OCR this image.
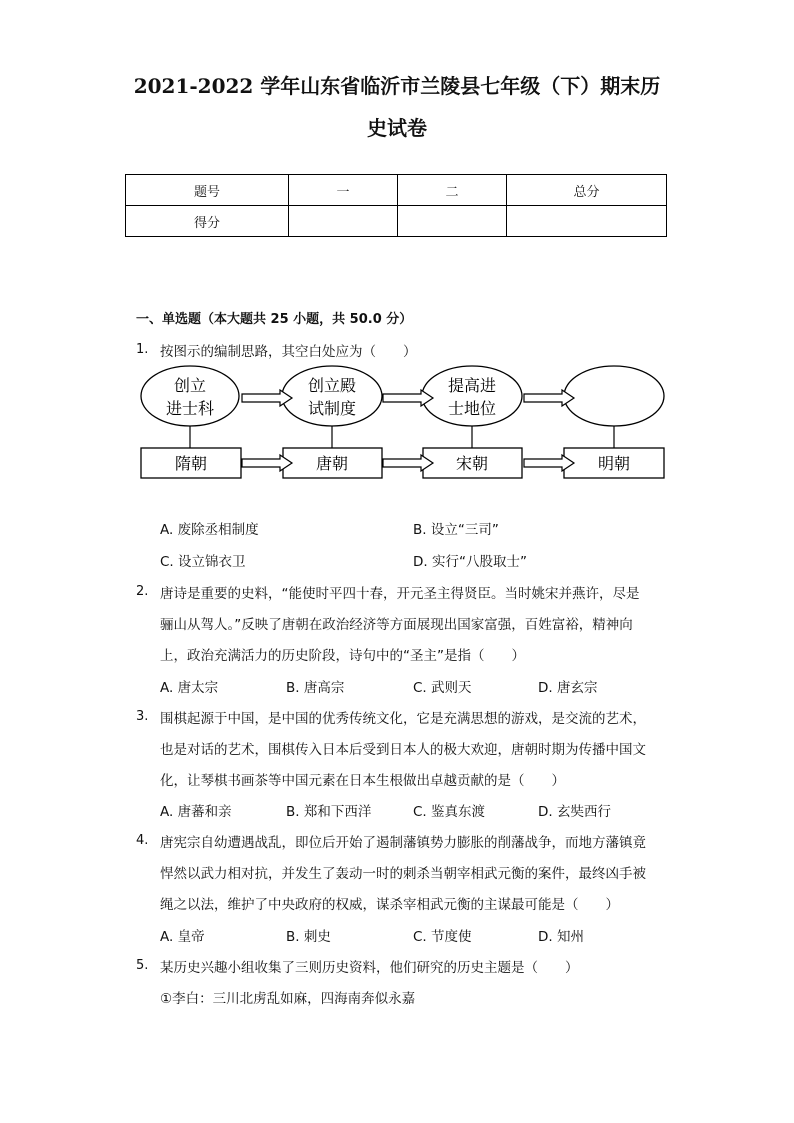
2021-2022 学年山东省临沂市兰陵县七年级（下）期末历
史试卷
题号	一	二	总分
得分			
一、单选题（本大题共 25 小题，共 50.0 分）
1. 按图示的编制思路，其空白处应为（　　）
创立
进士科
创立殿
试制度
提高进
士地位
隋朝	唐朝	宋朝	明朝
A. 废除丞相制度	B. 设立“三司”
C. 设立锦衣卫	D. 实行“八股取士”
2. 唐诗是重要的史料，“能使时平四十春，开元圣主得贤臣。当时姚宋并燕许，尽是
骊山从驾人。”反映了唐朝在政治经济等方面展现出国家富强，百姓富裕，精神向
上，政治充满活力的历史阶段，诗句中的“圣主”是指（　　）
A. 唐太宗	B. 唐高宗	C. 武则天	D. 唐玄宗
3. 围棋起源于中国，是中国的优秀传统文化，它是充满思想的游戏，是交流的艺术，
也是对话的艺术，围棋传入日本后受到日本人的极大欢迎，唐朝时期为传播中国文
化，让琴棋书画茶等中国元素在日本生根做出卓越贡献的是（　　）
A. 唐蕃和亲	B. 郑和下西洋	C. 鉴真东渡	D. 玄奘西行
4. 唐宪宗自幼遭遇战乱，即位后开始了遏制藩镇势力膨胀的削藩战争，而地方藩镇竟
悍然以武力相对抗，并发生了轰动一时的刺杀当朝宰相武元衡的案件，最终凶手被
绳之以法，维护了中央政府的权威，谋杀宰相武元衡的主谋最可能是（　　）
A. 皇帝	B. 刺史	C. 节度使	D. 知州
5. 某历史兴趣小组收集了三则历史资料，他们研究的历史主题是（　　）
①李白：三川北虏乱如麻，四海南奔似永嘉
